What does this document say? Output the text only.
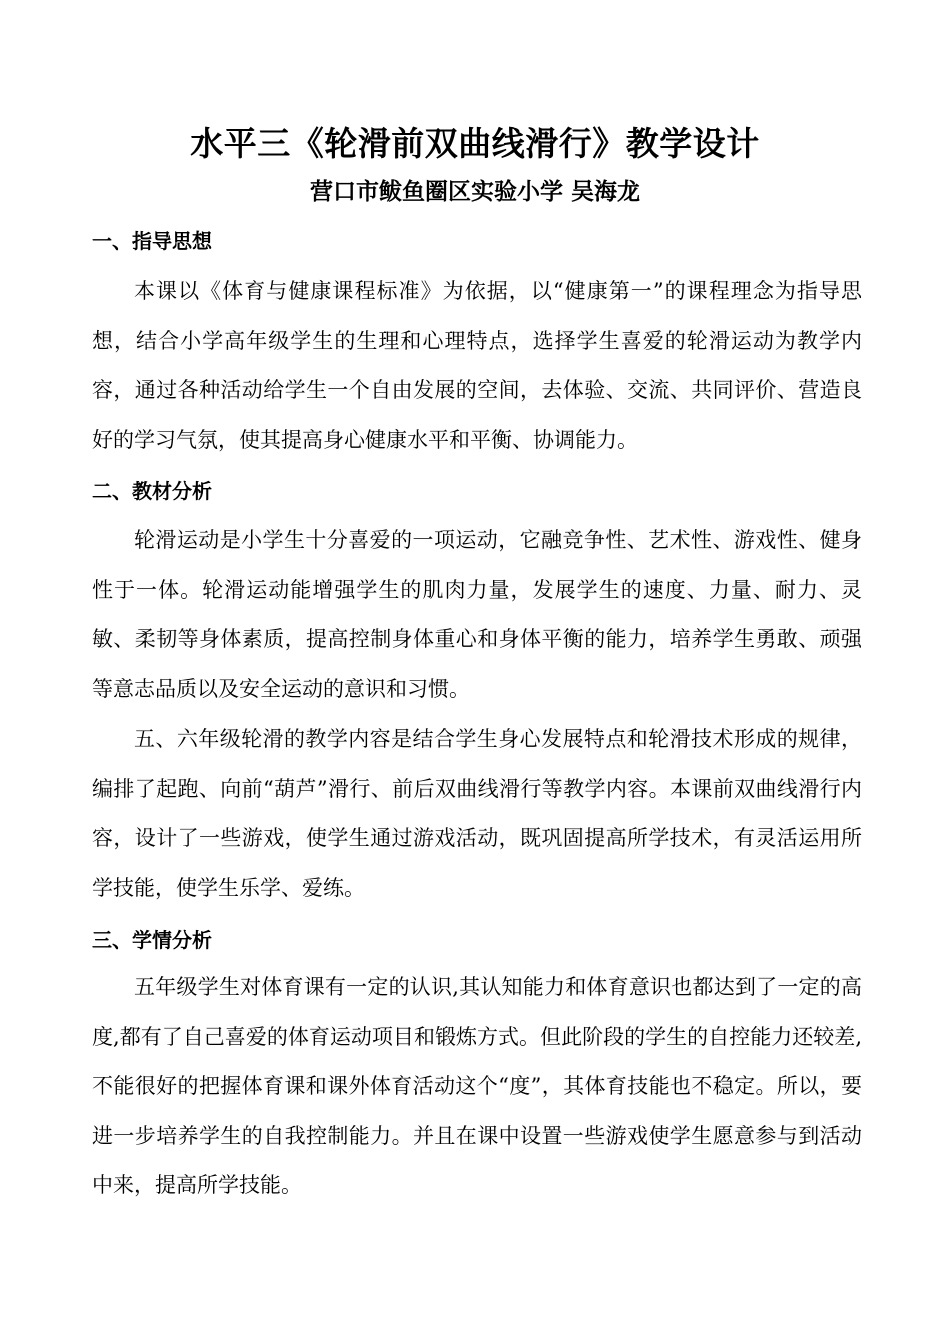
水平三《轮滑前双曲线滑行》教学设计
营口市鲅鱼圈区实验小学 吴海龙
一、指导思想

本课以《体育与健康课程标准》为依据，以“健康第一”的课程理念为指导思想，结合小学高年级学生的生理和心理特点，选择学生喜爱的轮滑运动为教学内容，通过各种活动给学生一个自由发展的空间，去体验、交流、共同评价、营造良好的学习气氛，使其提高身心健康水平和平衡、协调能力。

二、教材分析

轮滑运动是小学生十分喜爱的一项运动，它融竞争性、艺术性、游戏性、健身性于一体。轮滑运动能增强学生的肌肉力量，发展学生的速度、力量、耐力、灵敏、柔韧等身体素质，提高控制身体重心和身体平衡的能力，培养学生勇敢、顽强等意志品质以及安全运动的意识和习惯。

五、六年级轮滑的教学内容是结合学生身心发展特点和轮滑技术形成的规律，编排了起跑、向前“葫芦”滑行、前后双曲线滑行等教学内容。本课前双曲线滑行内容，设计了一些游戏，使学生通过游戏活动，既巩固提高所学技术，有灵活运用所学技能，使学生乐学、爱练。

三、学情分析

五年级学生对体育课有一定的认识,其认知能力和体育意识也都达到了一定的高度,都有了自己喜爱的体育运动项目和锻炼方式。但此阶段的学生的自控能力还较差,不能很好的把握体育课和课外体育活动这个“度”，其体育技能也不稳定。所以，要进一步培养学生的自我控制能力。并且在课中设置一些游戏使学生愿意参与到活动中来，提高所学技能。
